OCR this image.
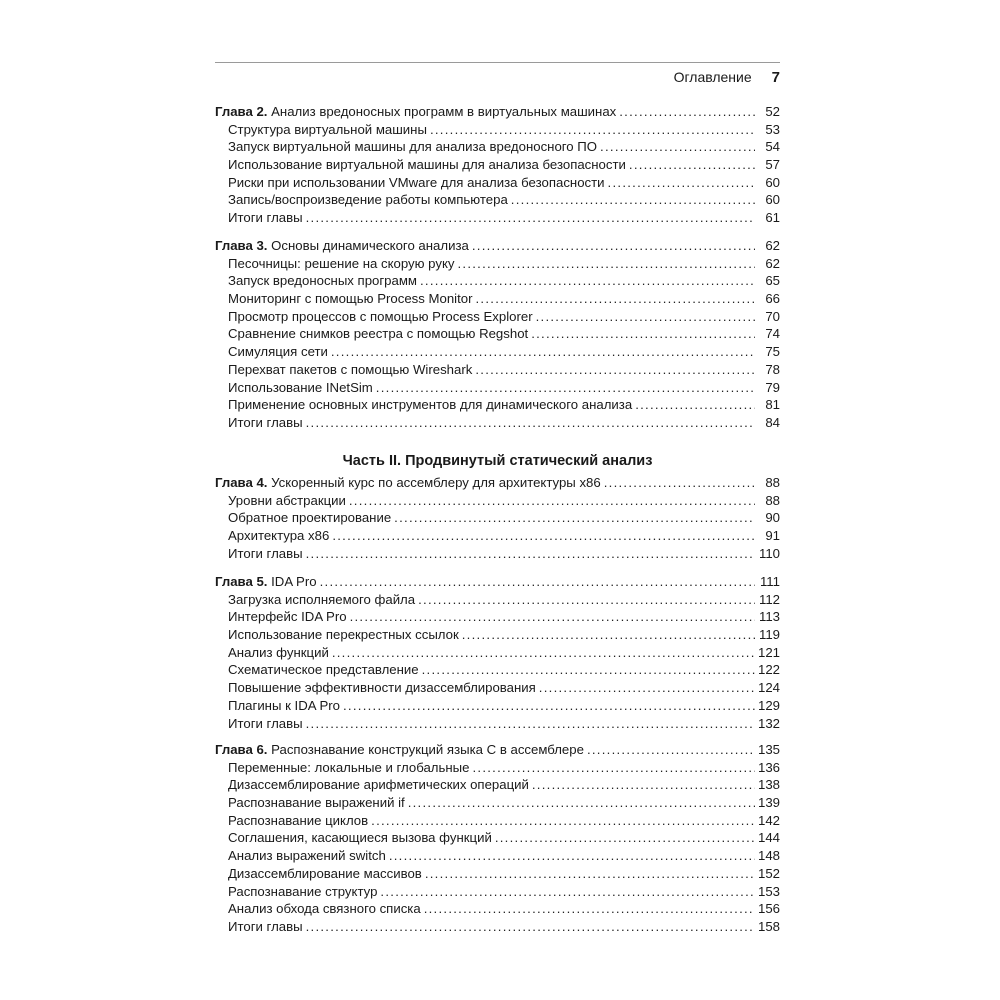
Оглавление 7
Глава 2. Анализ вредоносных программ в виртуальных машинах . . .	52
Структура виртуальной машины . . .	53
Запуск виртуальной машины для анализа вредоносного ПО . . .	54
Использование виртуальной машины для анализа безопасности . . .	57
Риски при использовании VMware для анализа безопасности . . .	60
Запись/воспроизведение работы компьютера . . .	60
Итоги главы . . .	61
Глава 3. Основы динамического анализа . . .	62
Песочницы: решение на скорую руку . . .	62
Запуск вредоносных программ . . .	65
Мониторинг с помощью Process Monitor . . .	66
Просмотр процессов с помощью Process Explorer . . .	70
Сравнение снимков реестра с помощью Regshot . . .	74
Симуляция сети . . .	75
Перехват пакетов с помощью Wireshark . . .	78
Использование INetSim . . .	79
Применение основных инструментов для динамического анализа . . .	81
Итоги главы . . .	84
Часть II. Продвинутый статический анализ
Глава 4. Ускоренный курс по ассемблеру для архитектуры x86 . . .	88
Уровни абстракции . . .	88
Обратное проектирование . . .	90
Архитектура x86 . . .	91
Итоги главы . . .	110
Глава 5. IDA Pro . . .	111
Загрузка исполняемого файла . . .	112
Интерфейс IDA Pro . . .	113
Использование перекрестных ссылок . . .	119
Анализ функций . . .	121
Схематическое представление . . .	122
Повышение эффективности дизассемблирования . . .	124
Плагины к IDA Pro . . .	129
Итоги главы . . .	132
Глава 6. Распознавание конструкций языка C в ассемблере . . .	135
Переменные: локальные и глобальные . . .	136
Дизассемблирование арифметических операций . . .	138
Распознавание выражений if . . .	139
Распознавание циклов . . .	142
Соглашения, касающиеся вызова функций . . .	144
Анализ выражений switch . . .	148
Дизассемблирование массивов . . .	152
Распознавание структур . . .	153
Анализ обхода связного списка . . .	156
Итоги главы . . .	158
